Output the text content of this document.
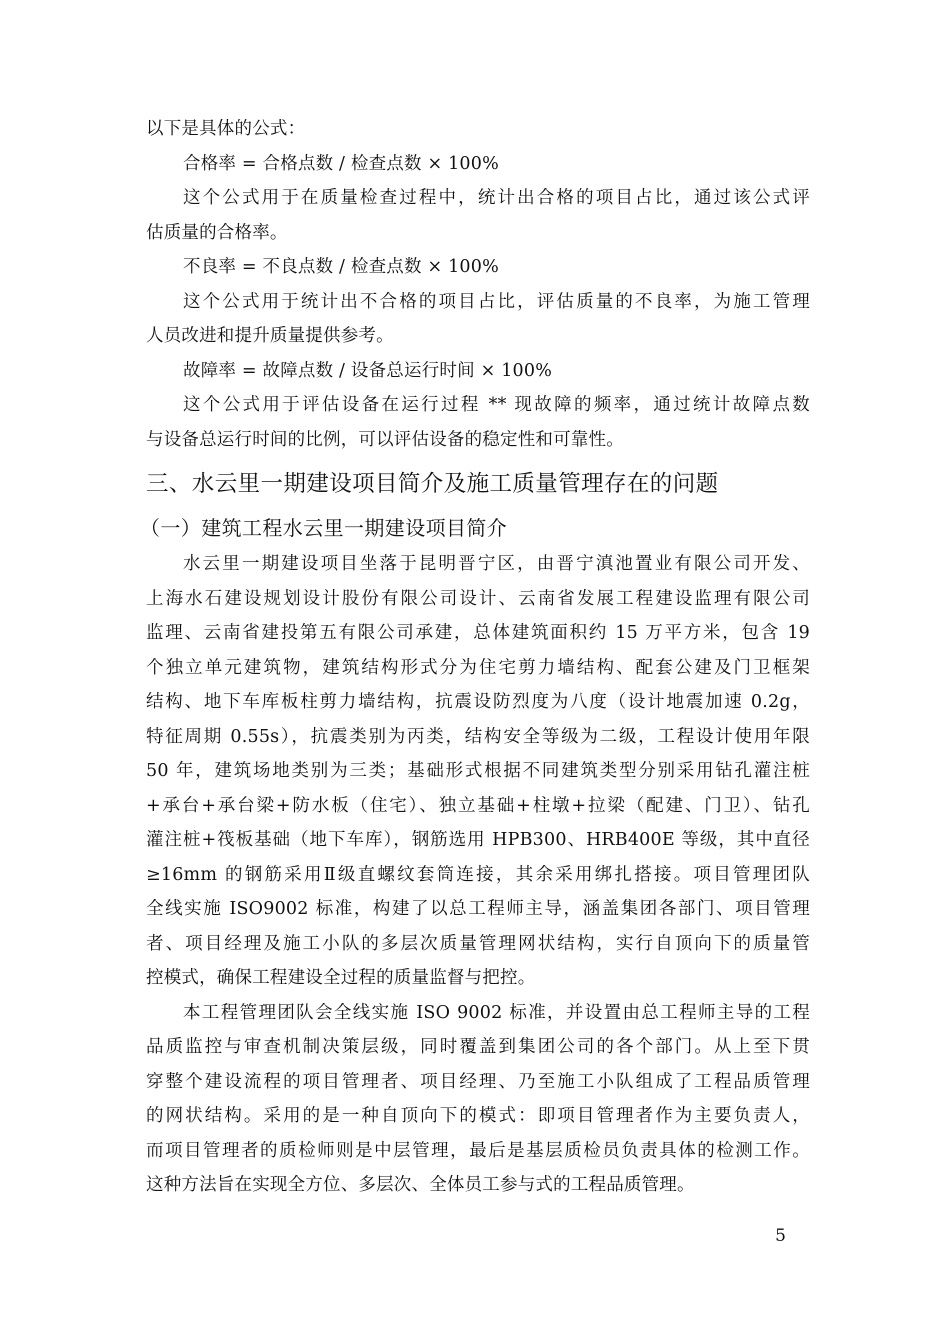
以下是具体的公式：
合格率 = 合格点数 / 检查点数 × 100%
这个公式用于在质量检查过程中，统计出合格的项目占比，通过该公式评
估质量的合格率。
不良率 = 不良点数 / 检查点数 × 100%
这个公式用于统计出不合格的项目占比，评估质量的不良率，为施工管理
人员改进和提升质量提供参考。
故障率 = 故障点数 / 设备总运行时间 × 100%
这个公式用于评估设备在运行过程 ** 现故障的频率，通过统计故障点数
与设备总运行时间的比例，可以评估设备的稳定性和可靠性。
三、水云里一期建设项目简介及施工质量管理存在的问题
（一）建筑工程水云里一期建设项目简介
水云里一期建设项目坐落于昆明晋宁区，由晋宁滇池置业有限公司开发、
上海水石建设规划设计股份有限公司设计、云南省发展工程建设监理有限公司
监理、云南省建投第五有限公司承建，总体建筑面积约 15 万平方米，包含 19
个独立单元建筑物，建筑结构形式分为住宅剪力墙结构、配套公建及门卫框架
结构、地下车库板柱剪力墙结构，抗震设防烈度为八度（设计地震加速 0.2g，
特征周期 0.55s），抗震类别为丙类，结构安全等级为二级，工程设计使用年限
50 年，建筑场地类别为三类；基础形式根据不同建筑类型分别采用钻孔灌注桩
+承台+承台梁+防水板（住宅）、独立基础+柱墩+拉梁（配建、门卫）、钻孔
灌注桩+筏板基础（地下车库），钢筋选用 HPB300、HRB400E 等级，其中直径
≥16mm 的钢筋采用Ⅱ级直螺纹套筒连接，其余采用绑扎搭接。项目管理团队
全线实施 ISO9002 标准，构建了以总工程师主导，涵盖集团各部门、项目管理
者、项目经理及施工小队的多层次质量管理网状结构，实行自顶向下的质量管
控模式，确保工程建设全过程的质量监督与把控。
本工程管理团队会全线实施 ISO 9002 标准，并设置由总工程师主导的工程
品质监控与审查机制决策层级，同时覆盖到集团公司的各个部门。从上至下贯
穿整个建设流程的项目管理者、项目经理、乃至施工小队组成了工程品质管理
的网状结构。采用的是一种自顶向下的模式：即项目管理者作为主要负责人，
而项目管理者的质检师则是中层管理，最后是基层质检员负责具体的检测工作。
这种方法旨在实现全方位、多层次、全体员工参与式的工程品质管理。
5
